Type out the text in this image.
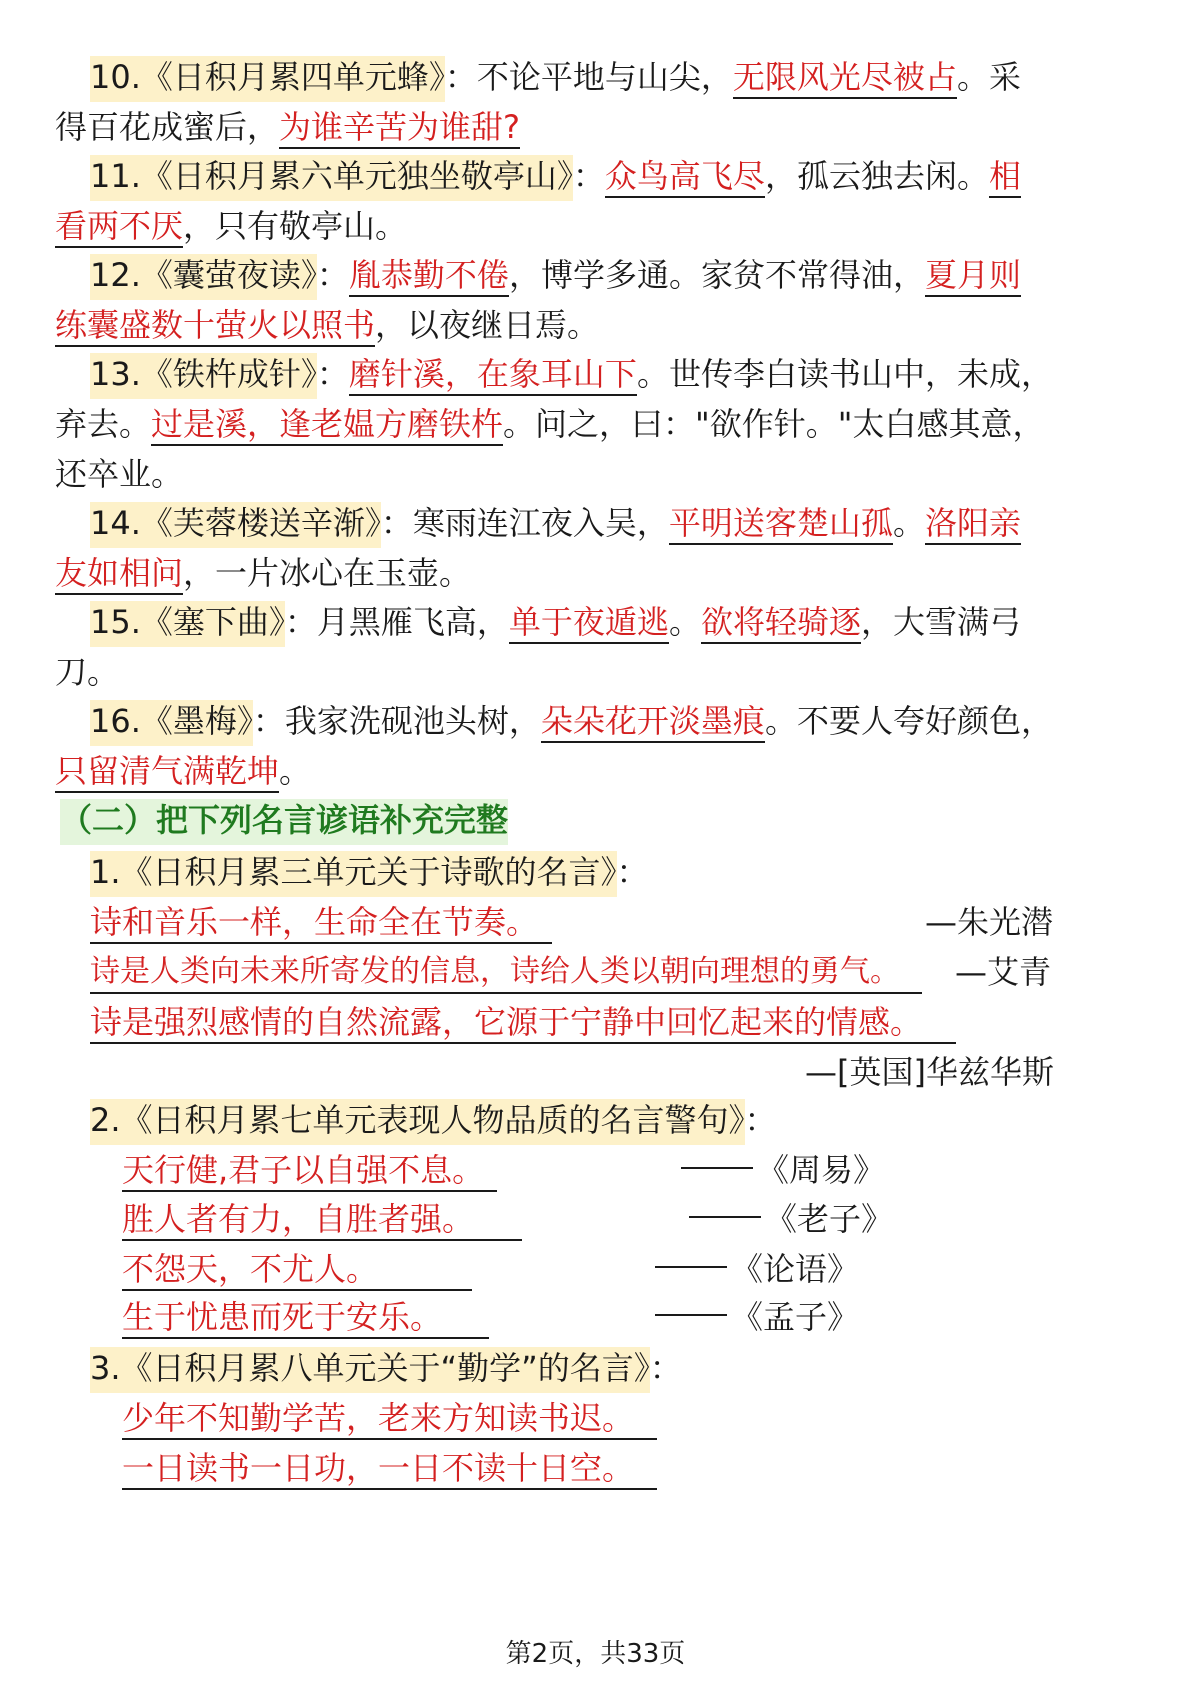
10.《日积月累四单元蜂》：不论平地与山尖，无限风光尽被占。采
得百花成蜜后，为谁辛苦为谁甜?
11.《日积月累六单元独坐敬亭山》：众鸟高飞尽，孤云独去闲。相
看两不厌，只有敬亭山。
12.《囊萤夜读》：胤恭勤不倦，博学多通。家贫不常得油，夏月则
练囊盛数十萤火以照书，以夜继日焉。
13.《铁杵成针》：磨针溪，在象耳山下。世传李白读书山中，未成，
弃去。过是溪，逢老媪方磨铁杵。问之，曰："欲作针。"太白感其意，
还卒业。
14.《芙蓉楼送辛渐》：寒雨连江夜入吴，平明送客楚山孤。洛阳亲
友如相问，一片冰心在玉壶。
15.《塞下曲》：月黑雁飞高，单于夜遁逃。欲将轻骑逐，大雪满弓
刀。
16.《墨梅》：我家洗砚池头树，朵朵花开淡墨痕。不要人夸好颜色，
只留清气满乾坤。
（二）把下列名言谚语补充完整
1.《日积月累三单元关于诗歌的名言》：
诗和音乐一样，生命全在节奏。	—朱光潜
诗是人类向未来所寄发的信息，诗给人类以朝向理想的勇气。 —艾青
诗是强烈感情的自然流露，它源于宁静中回忆起来的情感。
—[英国]华兹华斯
2.《日积月累七单元表现人物品质的名言警句》：
天行健,君子以自强不息。	《周易》
胜人者有力，自胜者强。	《老子》
不怨天，不尤人。	《论语》
生于忧患而死于安乐。	《孟子》
3.《日积月累八单元关于“勤学”的名言》：
少年不知勤学苦，老来方知读书迟。
一日读书一日功，一日不读十日空。
第2页，共33页
